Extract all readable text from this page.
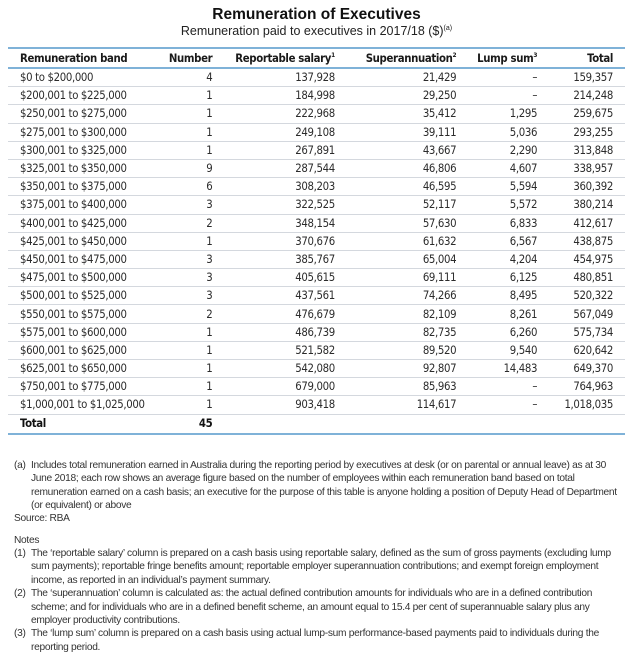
Remuneration of Executives
Remuneration paid to executives in 2017/18 ($)$^{(a)}$
Remuneration band	Number	Reportable salary$^1$	Superannuation$^2$	Lump sum$^3$	Total
$0 to $200,000	4	137,928	21,429	–	159,357
$200,001 to $225,000	1	184,998	29,250	–	214,248
$250,001 to $275,000	1	222,968	35,412	1,295	259,675
$275,001 to $300,000	1	249,108	39,111	5,036	293,255
$300,001 to $325,000	1	267,891	43,667	2,290	313,848
$325,001 to $350,000	9	287,544	46,806	4,607	338,957
$350,001 to $375,000	6	308,203	46,595	5,594	360,392
$375,001 to $400,000	3	322,525	52,117	5,572	380,214
$400,001 to $425,000	2	348,154	57,630	6,833	412,617
$425,001 to $450,000	1	370,676	61,632	6,567	438,875
$450,001 to $475,000	3	385,767	65,004	4,204	454,975
$475,001 to $500,000	3	405,615	69,111	6,125	480,851
$500,001 to $525,000	3	437,561	74,266	8,495	520,322
$550,001 to $575,000	2	476,679	82,109	8,261	567,049
$575,001 to $600,000	1	486,739	82,735	6,260	575,734
$600,001 to $625,000	1	521,582	89,520	9,540	620,642
$625,001 to $650,000	1	542,080	92,807	14,483	649,370
$750,001 to $775,000	1	679,000	85,963	–	764,963
$1,000,001 to $1,025,000	1	903,418	114,617	–	1,018,035
Total	45				
(a) Includes total remuneration earned in Australia during the reporting period by executives at desk (or on parental or annual leave) as at 30 June 2018; each row shows an average figure based on the number of employees within each remuneration band based on total remuneration earned on a cash basis; an executive for the purpose of this table is anyone holding a position of Deputy Head of Department (or equivalent) or above
Source: RBA
Notes
(1) The ‘reportable salary’ column is prepared on a cash basis using reportable salary, defined as the sum of gross payments (excluding lump sum payments); reportable fringe benefits amount; reportable employer superannuation contributions; and exempt foreign employment income, as reported in an individual’s payment summary.
(2) The ‘superannuation’ column is calculated as: the actual defined contribution amounts for individuals who are in a defined contribution scheme; and for individuals who are in a defined benefit scheme, an amount equal to 15.4 per cent of superannuable salary plus any employer productivity contributions.
(3) The ‘lump sum’ column is prepared on a cash basis using actual lump-sum performance-based payments paid to individuals during the reporting period.
